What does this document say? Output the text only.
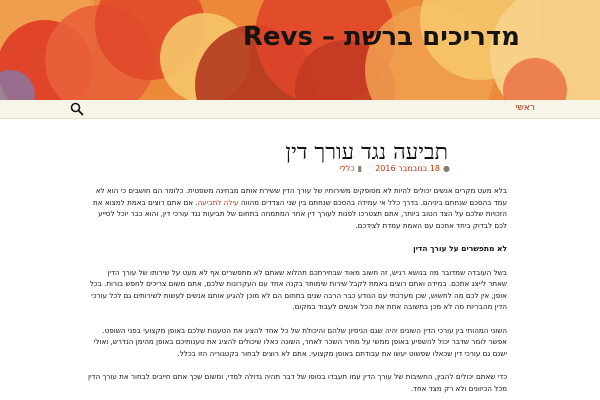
מדריכים ברשת – Revs
ראשי
תביעה נגד עורך דין
●18 בנובמבר 2016  ▮כללי

בלא מעט מקרים אנשים יכולים להיות לא מסופקים משירותיו של עורך הדין ששירת אותם מבחינה משפטית. כלומר הם חושבים כי הוא לא עמד בהסכם שנחתם ביניהם. בדרך כלל אי עמידה בהסכם שנחתם בין שני הצדדים מהווה עילה לתביעה. אם אתם רוצים באמת למצוא את הזכויות שלכם על הצד הטוב ביותר, אתם תצטרכו לפנות לעורך דין אחר המתמחה בתחום של תביעות נגד עורכי דין, והוא כבר יוכל לסייע לכם לבדוק ביחד אתכם עם האמת עמדת לצידכם.

לא מתפשרים על עורך הדין

בשל העובדה שמדובר מה בנושא רגיש, זה חשוב מאוד שבחירתכם תהלוא שאתם לא מתפשרים אף לא מעט על שירותו של עורך הדין שאתר לייצג אתכם. במידה ואתם רוצים באמת לקבל שירות שימותר בקנה אחד עם העקרונות שלכם, אתם משום צריכים לחפש בורות. בכל אופן, אין לכם מה לחשוש, שכן מערכתי עם הנודע כבר הרבה שנים בתחום הם לא מוכן להגיע אותם אנשים לעשות לשירותים גם לכל עורכי הדין מהבריות מה לא מכן בתשובה אחת את הכל אנשים לעבוד במקום.

השוני המהותי בין עורכי הדין השונים יהיה שגם הניסיון שלהם והיכולת של כל אחד להציג את הטענות שלכם באופן מקצועי בפני השופט. אפשר לומר שדבר יכול להשפיע באופן ממשי על מחיר השכר לאחר, השונה כאלו שיכולים להציג את טענותיכם באופן מהימן הנדרש, ואולי ישנם גם עורכי דין שכאלו שפשוט יעשו את עבודתם באופן מקצועי. אתם לא רוצים לבחור בקטגוריה הזו בכלל.

כדי שאתם יכולים להבין, החשיבות של עורך הדין עמו תעבדו בסופו של דבר תהיה גדולה למדי, ומשום שכך אתם חייבים לבחור את עורך הדין מכל הכיוונים ולא רק מצד אחד.
